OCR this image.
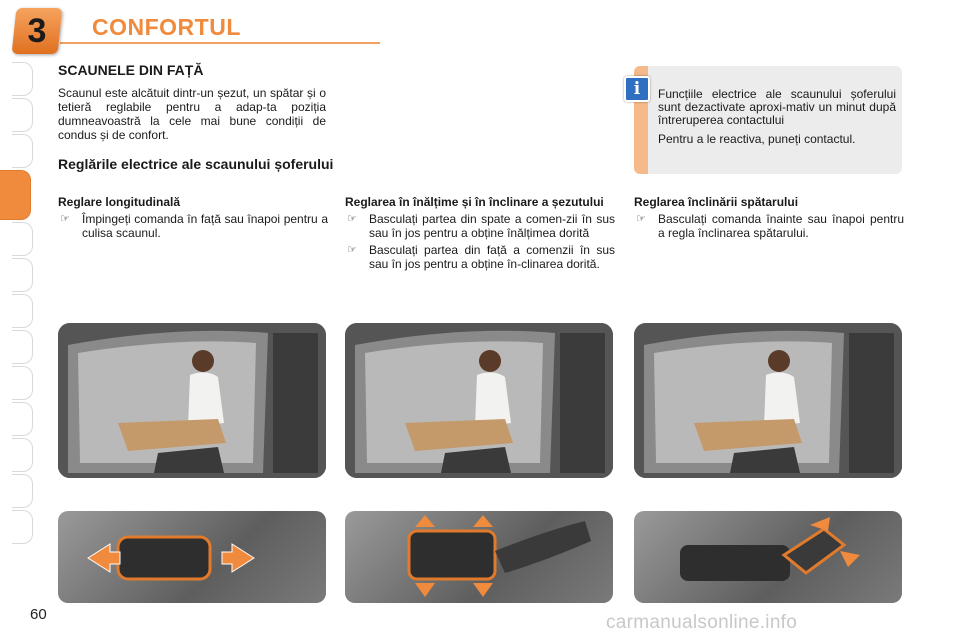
3	CONFORTUL
SCAUNELE DIN FAȚĂ
Scaunul este alcătuit dintr-un șezut, un spătar și o tetieră reglabile pentru a adap-ta poziția dumneavoastră la cele mai bune condiții de condus și de confort.
Reglările electrice ale scaunului șoferului
Reglare longitudinală
☞ Împingeți comanda în față sau înapoi pentru a culisa scaunul.
Reglarea în înălțime și în înclinare a șezutului
☞ Basculați partea din spate a comen-zii în sus sau în jos pentru a obține înălțimea dorită
☞ Basculați partea din față a comenzii în sus sau în jos pentru a obține în-clinarea dorită.
Reglarea înclinării spătarului
☞ Basculați comanda înainte sau înapoi pentru a regla înclinarea spătarului.
i	Funcțiile electrice ale scaunului șoferului sunt dezactivate aproxi-mativ un minut după întreruperea contactului

Pentru a le reactiva, puneți contactul.

60	carmanualsonline.info
